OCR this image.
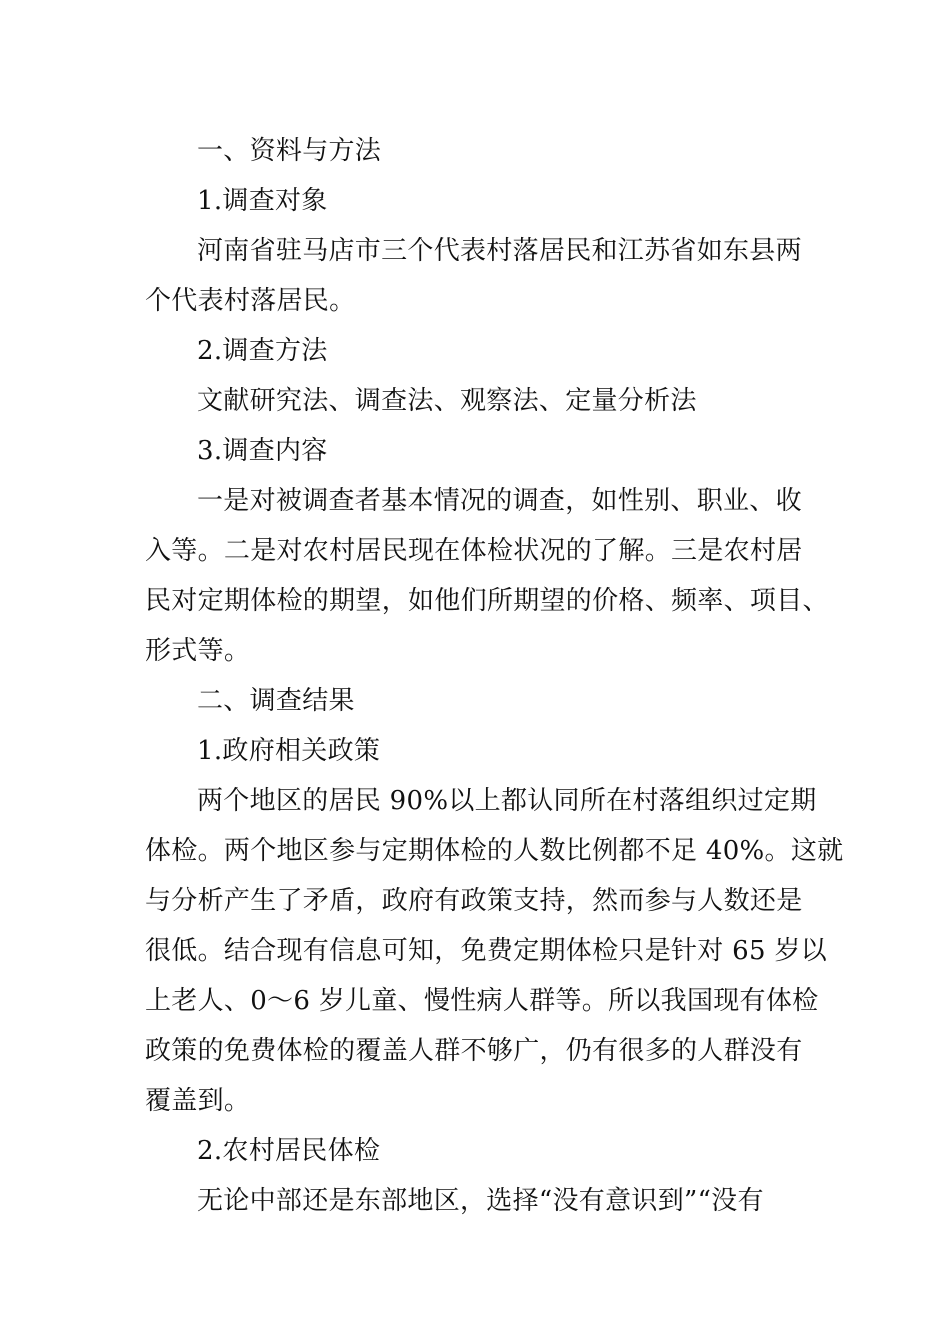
一、资料与方法
1.调查对象
河南省驻马店市三个代表村落居民和江苏省如东县两
个代表村落居民。
2.调查方法
文献研究法、调查法、观察法、定量分析法
3.调查内容
一是对被调查者基本情况的调查，如性别、职业、收
入等。二是对农村居民现在体检状况的了解。三是农村居
民对定期体检的期望，如他们所期望的价格、频率、项目、
形式等。
二、调查结果
1.政府相关政策
两个地区的居民 90%以上都认同所在村落组织过定期
体检。两个地区参与定期体检的人数比例都不足 40%。这就
与分析产生了矛盾，政府有政策支持，然而参与人数还是
很低。结合现有信息可知，免费定期体检只是针对 65 岁以
上老人、0～6 岁儿童、慢性病人群等。所以我国现有体检
政策的免费体检的覆盖人群不够广，仍有很多的人群没有
覆盖到。
2.农村居民体检
无论中部还是东部地区，选择“没有意识到”“没有
